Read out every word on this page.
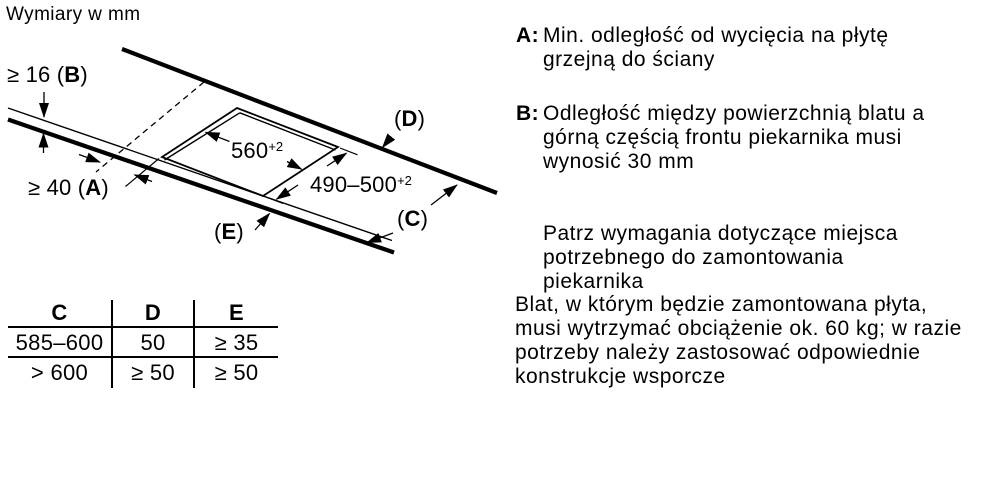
Wymiary w mm
≥ 16 (B)
≥ 40 (A)
$560^{+2}$
$490-500^{+2}$
(D)
(C)
(E)
C	D	E
585–600	50	≥ 35
> 600	≥ 50	≥ 50
A: Min. odległość od wycięcia na płytę
grzejną do ściany
B: Odległość między powierzchnią blatu a
górną częścią frontu piekarnika musi
wynosić 30 mm
Patrz wymagania dotyczące miejsca
potrzebnego do zamontowania
piekarnika
Blat, w którym będzie zamontowana płyta,
musi wytrzymać obciążenie ok. 60 kg; w razie
potrzeby należy zastosować odpowiednie
konstrukcje wsporcze
